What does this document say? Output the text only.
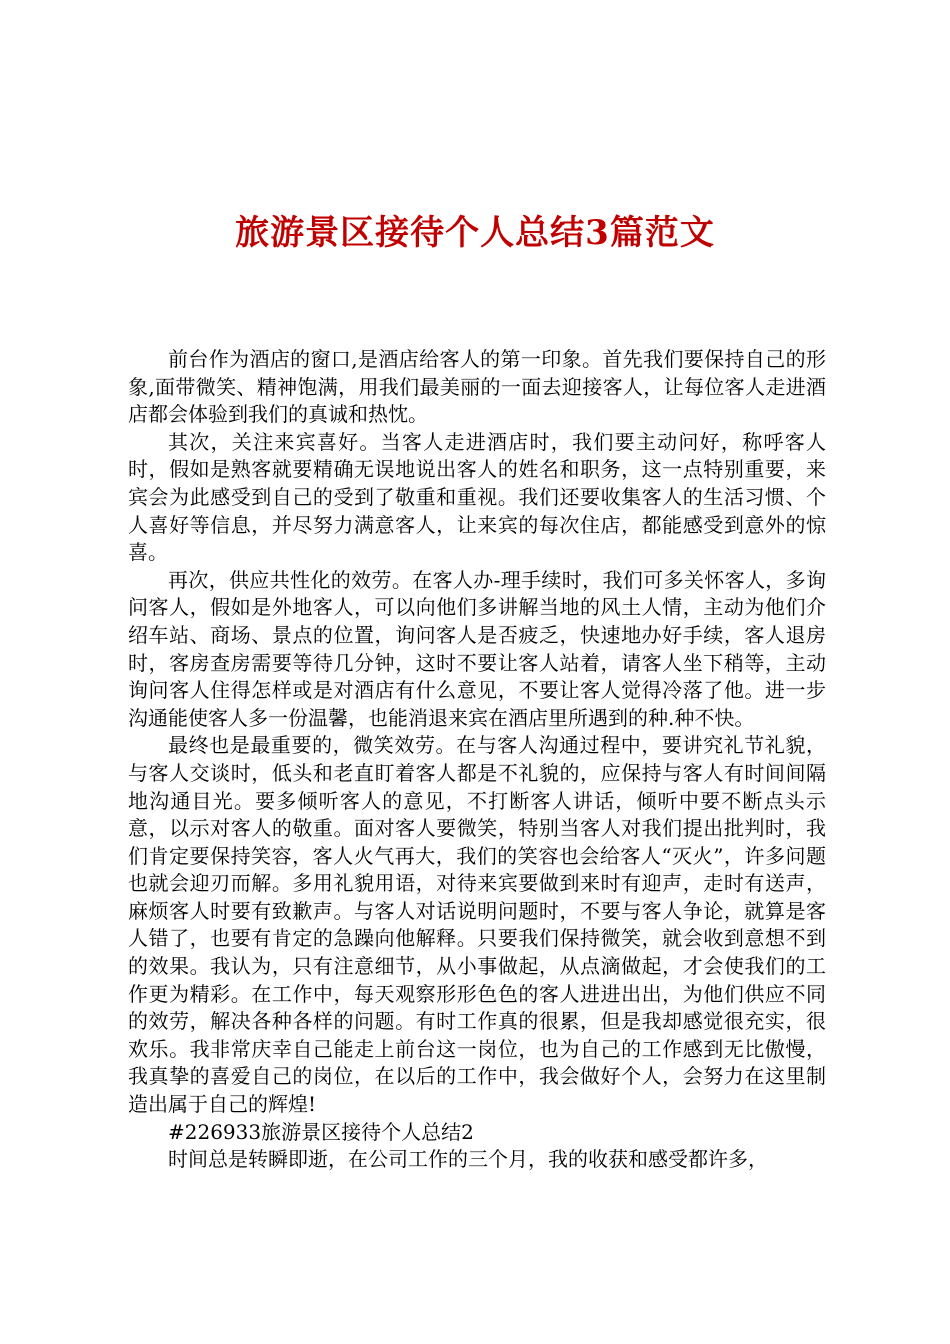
旅游景区接待个人总结3篇范文

前台作为酒店的窗口,是酒店给客人的第一印象。首先我们要保持自己的形象,面带微笑、精神饱满，用我们最美丽的一面去迎接客人，让每位客人走进酒店都会体验到我们的真诚和热忱。

其次，关注来宾喜好。当客人走进酒店时，我们要主动问好，称呼客人时，假如是熟客就要精确无误地说出客人的姓名和职务，这一点特别重要，来宾会为此感受到自己的受到了敬重和重视。我们还要收集客人的生活习惯、个人喜好等信息，并尽努力满意客人，让来宾的每次住店，都能感受到意外的惊喜。

再次，供应共性化的效劳。在客人办-理手续时，我们可多关怀客人，多询问客人，假如是外地客人，可以向他们多讲解当地的风土人情，主动为他们介绍车站、商场、景点的位置，询问客人是否疲乏，快速地办好手续，客人退房时，客房查房需要等待几分钟，这时不要让客人站着，请客人坐下稍等，主动询问客人住得怎样或是对酒店有什么意见，不要让客人觉得冷落了他。进一步沟通能使客人多一份温馨，也能消退来宾在酒店里所遇到的种.种不快。

最终也是最重要的，微笑效劳。在与客人沟通过程中，要讲究礼节礼貌，与客人交谈时，低头和老直盯着客人都是不礼貌的，应保持与客人有时间间隔地沟通目光。要多倾听客人的意见，不打断客人讲话，倾听中要不断点头示意，以示对客人的敬重。面对客人要微笑，特别当客人对我们提出批判时，我们肯定要保持笑容，客人火气再大，我们的笑容也会给客人“灭火”，许多问题也就会迎刃而解。多用礼貌用语，对待来宾要做到来时有迎声，走时有送声，麻烦客人时要有致歉声。与客人对话说明问题时，不要与客人争论，就算是客人错了，也要有肯定的急躁向他解释。只要我们保持微笑，就会收到意想不到的效果。我认为，只有注意细节，从小事做起，从点滴做起，才会使我们的工作更为精彩。在工作中，每天观察形形色色的客人进进出出，为他们供应不同的效劳，解决各种各样的问题。有时工作真的很累，但是我却感觉很充实，很欢乐。我非常庆幸自己能走上前台这一岗位，也为自己的工作感到无比傲慢，我真挚的喜爱自己的岗位，在以后的工作中，我会做好个人，会努力在这里制造出属于自己的辉煌!

#226933旅游景区接待个人总结2

时间总是转瞬即逝，在公司工作的三个月，我的收获和感受都许多，
